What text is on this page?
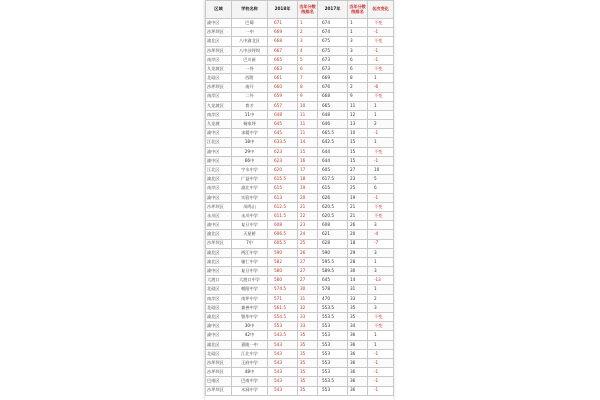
区域	学校名称	2018年	当年分数线排名	2017年	当年分数线排名	名次变化
渝中区	巴蜀	671	1	674	1	不变
沙坪坝区	一中	669	2	674	1	-1
渝北区	八中渝北区	668	3	675	3	不变
沙坪坝区	八中沙坪坝	667	4	675	3	-1
南岸区	巴川新	665	5	673	6	-1
九龙坡区	一外	663	6	673	6	不变
北碚区	西附	661	7	669	8	1
沙坪坝区	南开	660	8	676	2	-6
南岸区	二外	659	9	668	9	不变
九龙坡区	育才	657	10	665	11	1
南岸区	11中	648	11	648	12	1
九龙坡	杨家坪	645	11	646	13	2
渝中区	求精中学	645	11	665.5	10	-1
江北区	18中	633.5	14	642.5	15	1
渝中区	29中	623	15	644	15	不变
渝中区	66中	623	16	644	15	-1
江北区	字水中学	620	17	605	27	10
渝北区	广益中学	615.5	18	617.5	23	5
南岸区	渝北中学	615	19	615	25	6
渝中区	实验中学	613	20	626	19	-1
沙坪坝区	凤鸣山	612.5	21	620.5	21	不变
永川区	永川中学	611.5	22	620.5	21	不变
渝中区	复旦中学	608	23	608	26	3
渝北区	天星桥	606.5	24	621	20	-4
沙坪坝区	7中	605.5	25	628	18	-7
渝北区	两江中学	590	26	590	29	3
渝北区	辅仁中学	582	27	595.5	28	1
渝中区	复旦中学	580	27	589.5	30	3
大渡口	大渡口中学	580	27	645	14	-13
北碚区	朝阳中学	574.5	30	578	31	1
南岸区	南坪中学	571	31	470	33	2
北碚区	兼善中学	561.5	32	553.5	35	3
渝北区	暨华中学	554.5	33	553.5	35	不变
渝中区	30中	553	33	553	34	不变
渝中区	42中	543.5	35	553	36	1
渝北区	嘉陵一中	543	35	553	36	1
北碚区	江北中学	543	35	553	36	-1
沙坪坝区	王府中学	543	35	553	36	-1
沙坪坝区	48中	543	35	553	36	-1
巴南区	巴南中学	543	35	553.5	36	-1
沙坪坝区	木洞中学	543	35	553	36	-1
